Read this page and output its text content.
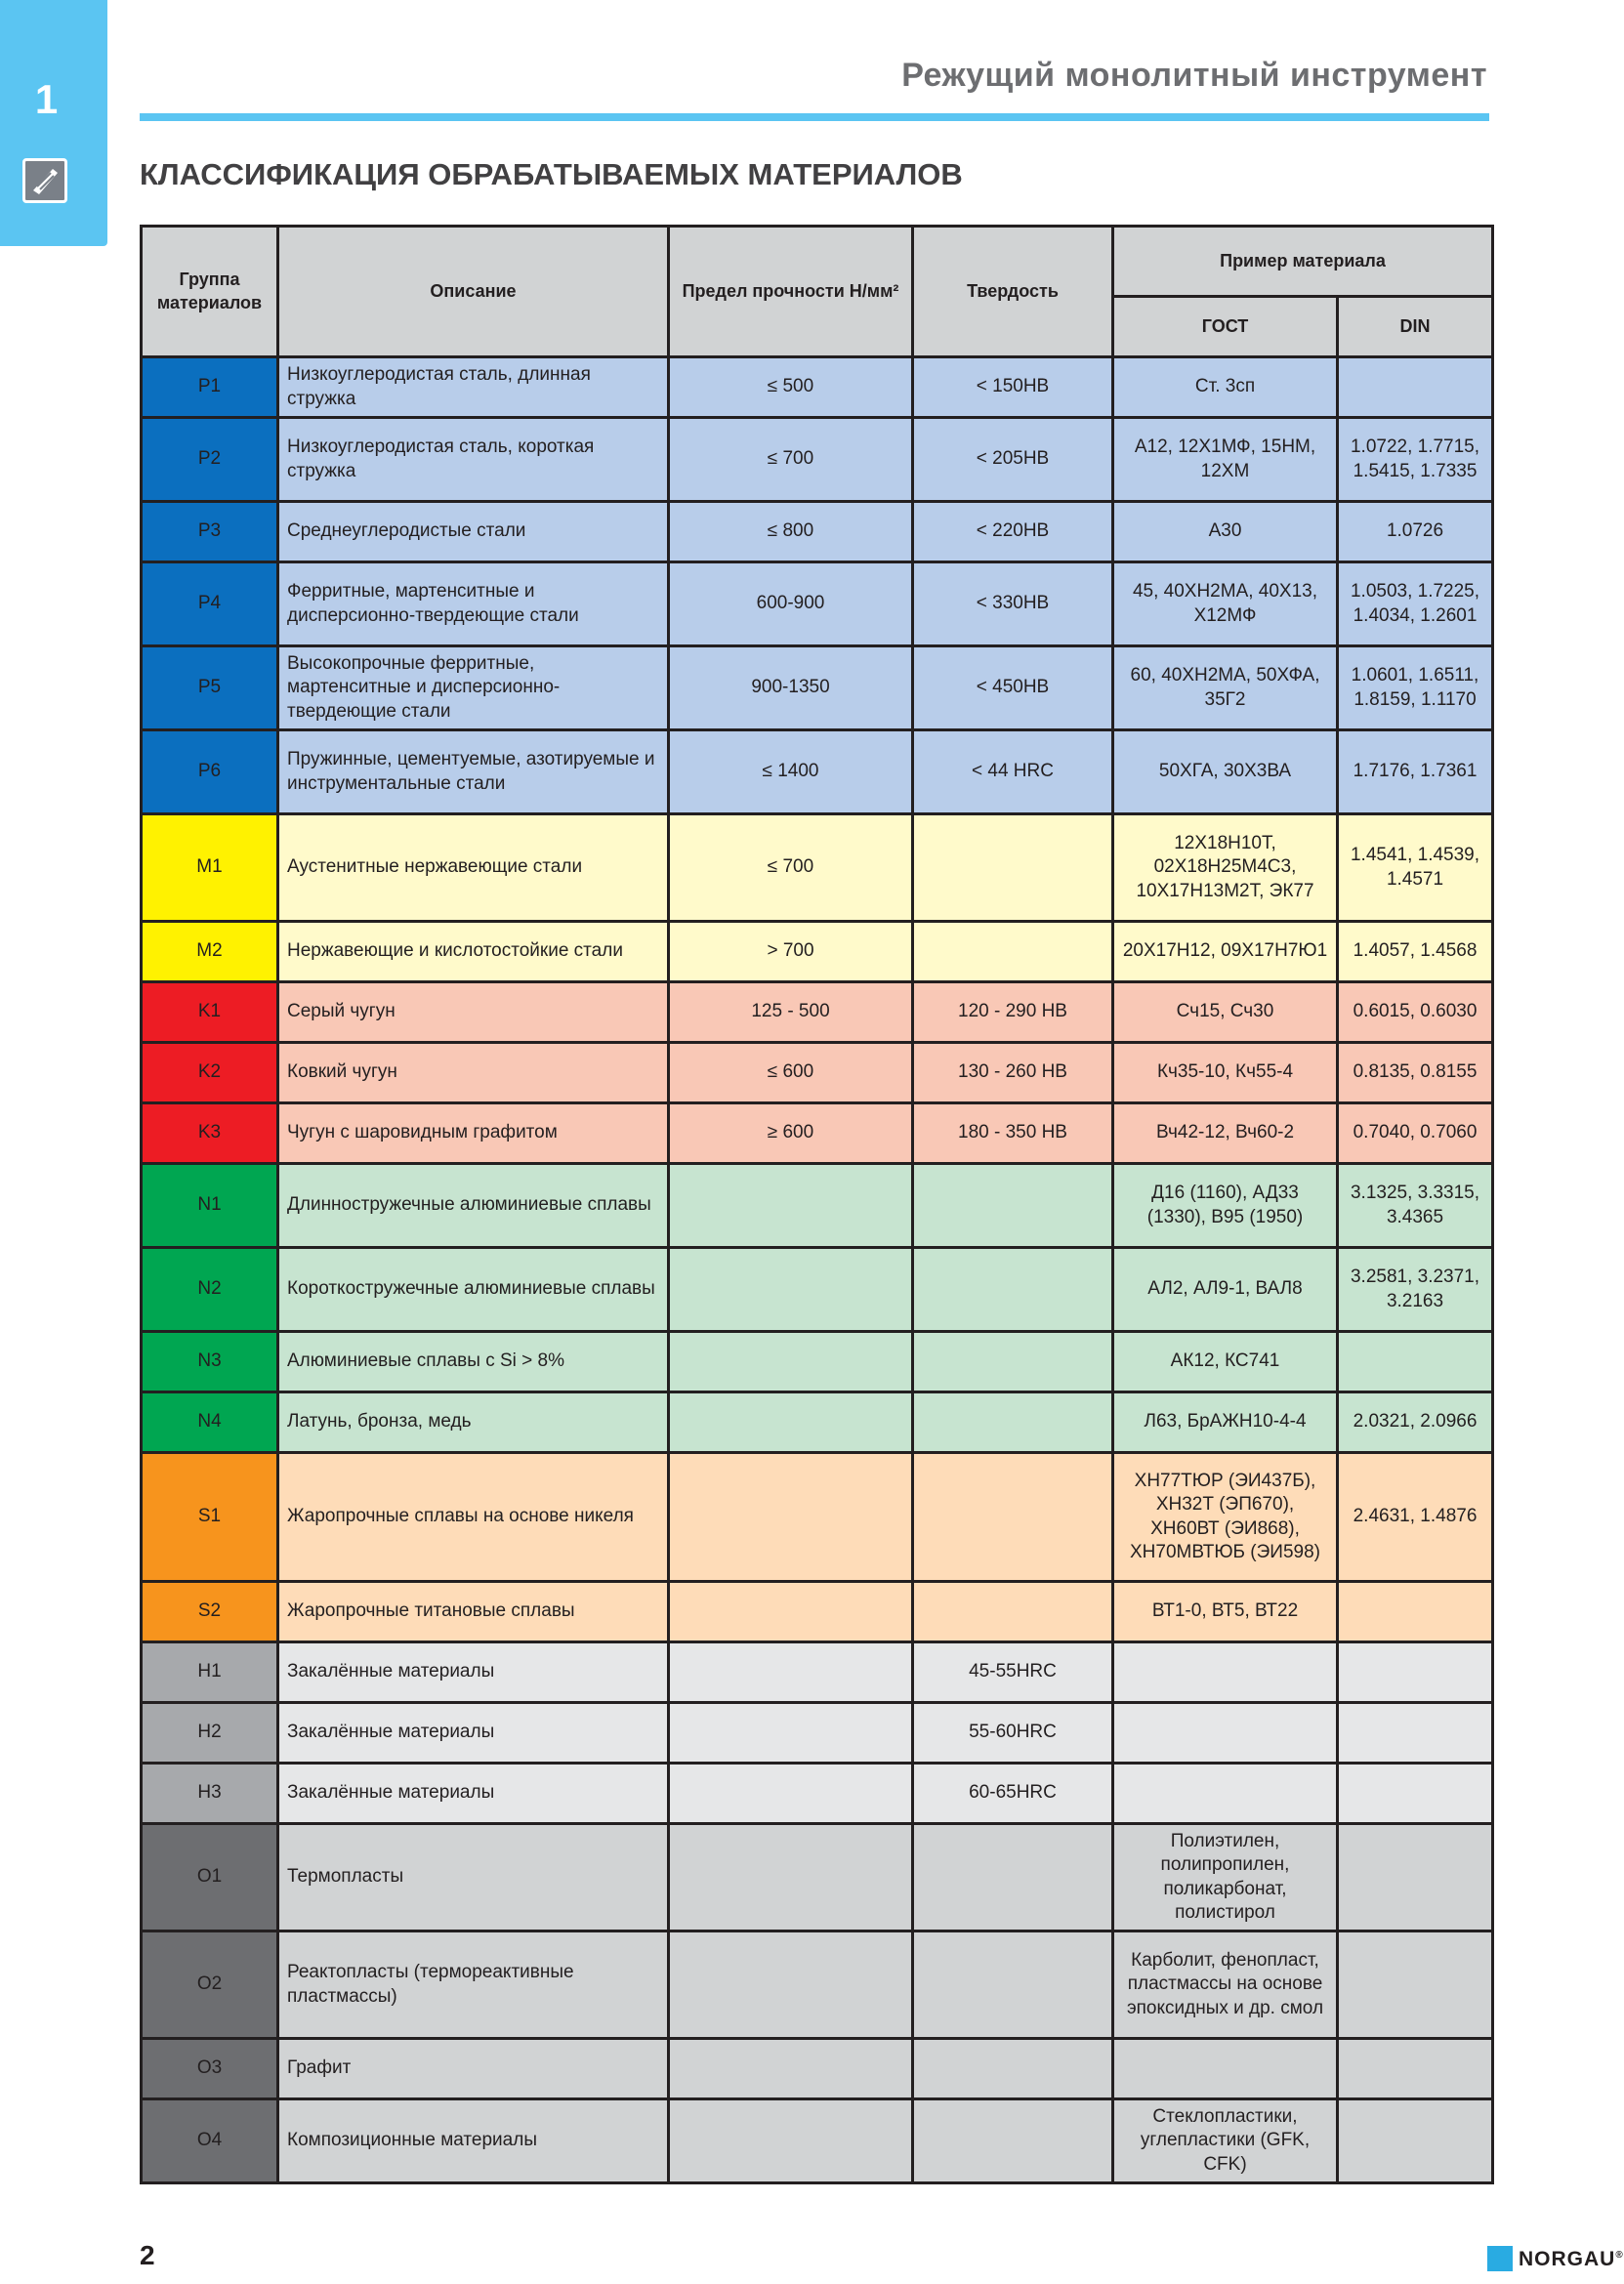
1
Режущий монолитный инструмент
КЛАССИФИКАЦИЯ ОБРАБАТЫВАЕМЫХ МАТЕРИАЛОВ
Группа материалов	Описание	Предел прочности Н/мм²	Твердость	Пример материала	
				ГОСТ	DIN
P1	Низкоуглеродистая сталь, длинная стружка	≤ 500	< 150HB	Ст. 3сп	
P2	Низкоуглеродистая сталь, короткая стружка	≤ 700	< 205HB	А12, 12Х1МФ, 15НМ, 12ХМ	1.0722, 1.7715, 1.5415, 1.7335
P3	Среднеуглеродистые стали	≤ 800	< 220HB	А30	1.0726
P4	Ферритные, мартенситные и дисперсионно-твердеющие стали	600-900	< 330HB	45, 40ХН2МА, 40Х13, Х12МФ	1.0503, 1.7225, 1.4034, 1.2601
P5	Высокопрочные ферритные, мартенситные и дисперсионно-твердеющие стали	900-1350	< 450HB	60, 40ХН2МА, 50ХФА, 35Г2	1.0601, 1.6511, 1.8159, 1.1170
P6	Пружинные, цементуемые, азотируемые и инструментальные стали	≤ 1400	< 44 HRC	50ХГА, 30Х3ВА	1.7176, 1.7361
M1	Аустенитные нержавеющие стали	≤ 700		12Х18Н10Т, 02Х18Н25М4С3, 10Х17Н13М2Т, ЭК77	1.4541, 1.4539, 1.4571
M2	Нержавеющие и кислотостойкие стали	> 700		20Х17Н12, 09Х17Н7Ю1	1.4057, 1.4568
K1	Серый чугун	125 - 500	120 - 290 HB	Сч15, Сч30	0.6015, 0.6030
K2	Ковкий чугун	≤ 600	130 - 260 HB	Кч35-10, Кч55-4	0.8135, 0.8155
K3	Чугун с шаровидным графитом	≥ 600	180 - 350 HB	Вч42-12, Вч60-2	0.7040, 0.7060
N1	Длинностружечные алюминиевые сплавы			Д16 (1160), АД33 (1330), В95 (1950)	3.1325, 3.3315, 3.4365
N2	Короткостружечные алюминиевые сплавы			АЛ2, АЛ9-1, ВАЛ8	3.2581, 3.2371, 3.2163
N3	Алюминиевые сплавы с Si > 8%			АК12, КС741	
N4	Латунь, бронза, медь			Л63, БрАЖН10-4-4	2.0321, 2.0966
S1	Жаропрочные сплавы на основе никеля			ХН77ТЮР (ЭИ437Б), ХН32Т (ЭП670), ХН60ВТ (ЭИ868), ХН70МВТЮБ (ЭИ598)	2.4631, 1.4876
S2	Жаропрочные титановые сплавы			ВТ1-0, ВТ5, ВТ22	
H1	Закалённые материалы		45-55HRC		
H2	Закалённые материалы		55-60HRC		
H3	Закалённые материалы		60-65HRC		
O1	Термопласты			Полиэтилен, полипропилен, поликарбонат, полистирол	
O2	Реактопласты (термореактивные пластмассы)			Карболит, фенопласт, пластмассы на основе эпоксидных и др. смол	
O3	Графит				
O4	Композиционные материалы			Стеклопластики, углепластики (GFK, CFK)	
2	NORGAU®
